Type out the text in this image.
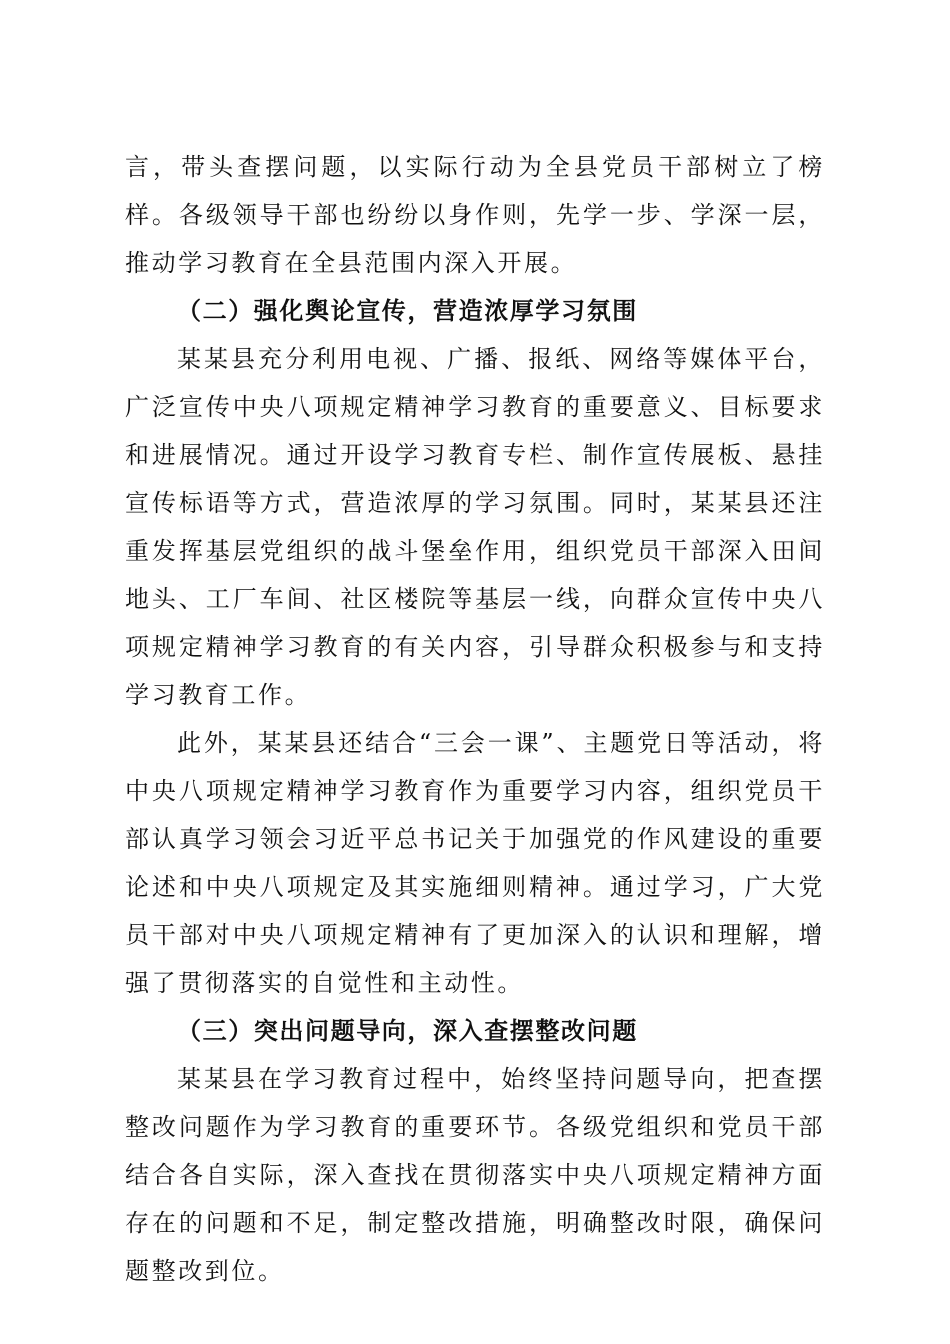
言，带头查摆问题，以实际行动为全县党员干部树立了榜样。各级领导干部也纷纷以身作则，先学一步、学深一层，推动学习教育在全县范围内深入开展。

（二）强化舆论宣传，营造浓厚学习氛围

某某县充分利用电视、广播、报纸、网络等媒体平台，广泛宣传中央八项规定精神学习教育的重要意义、目标要求和进展情况。通过开设学习教育专栏、制作宣传展板、悬挂宣传标语等方式，营造浓厚的学习氛围。同时，某某县还注重发挥基层党组织的战斗堡垒作用，组织党员干部深入田间地头、工厂车间、社区楼院等基层一线，向群众宣传中央八项规定精神学习教育的有关内容，引导群众积极参与和支持学习教育工作。

此外，某某县还结合“三会一课”、主题党日等活动，将中央八项规定精神学习教育作为重要学习内容，组织党员干部认真学习领会习近平总书记关于加强党的作风建设的重要论述和中央八项规定及其实施细则精神。通过学习，广大党员干部对中央八项规定精神有了更加深入的认识和理解，增强了贯彻落实的自觉性和主动性。

（三）突出问题导向，深入查摆整改问题

某某县在学习教育过程中，始终坚持问题导向，把查摆整改问题作为学习教育的重要环节。各级党组织和党员干部结合各自实际，深入查找在贯彻落实中央八项规定精神方面存在的问题和不足，制定整改措施，明确整改时限，确保问题整改到位。
